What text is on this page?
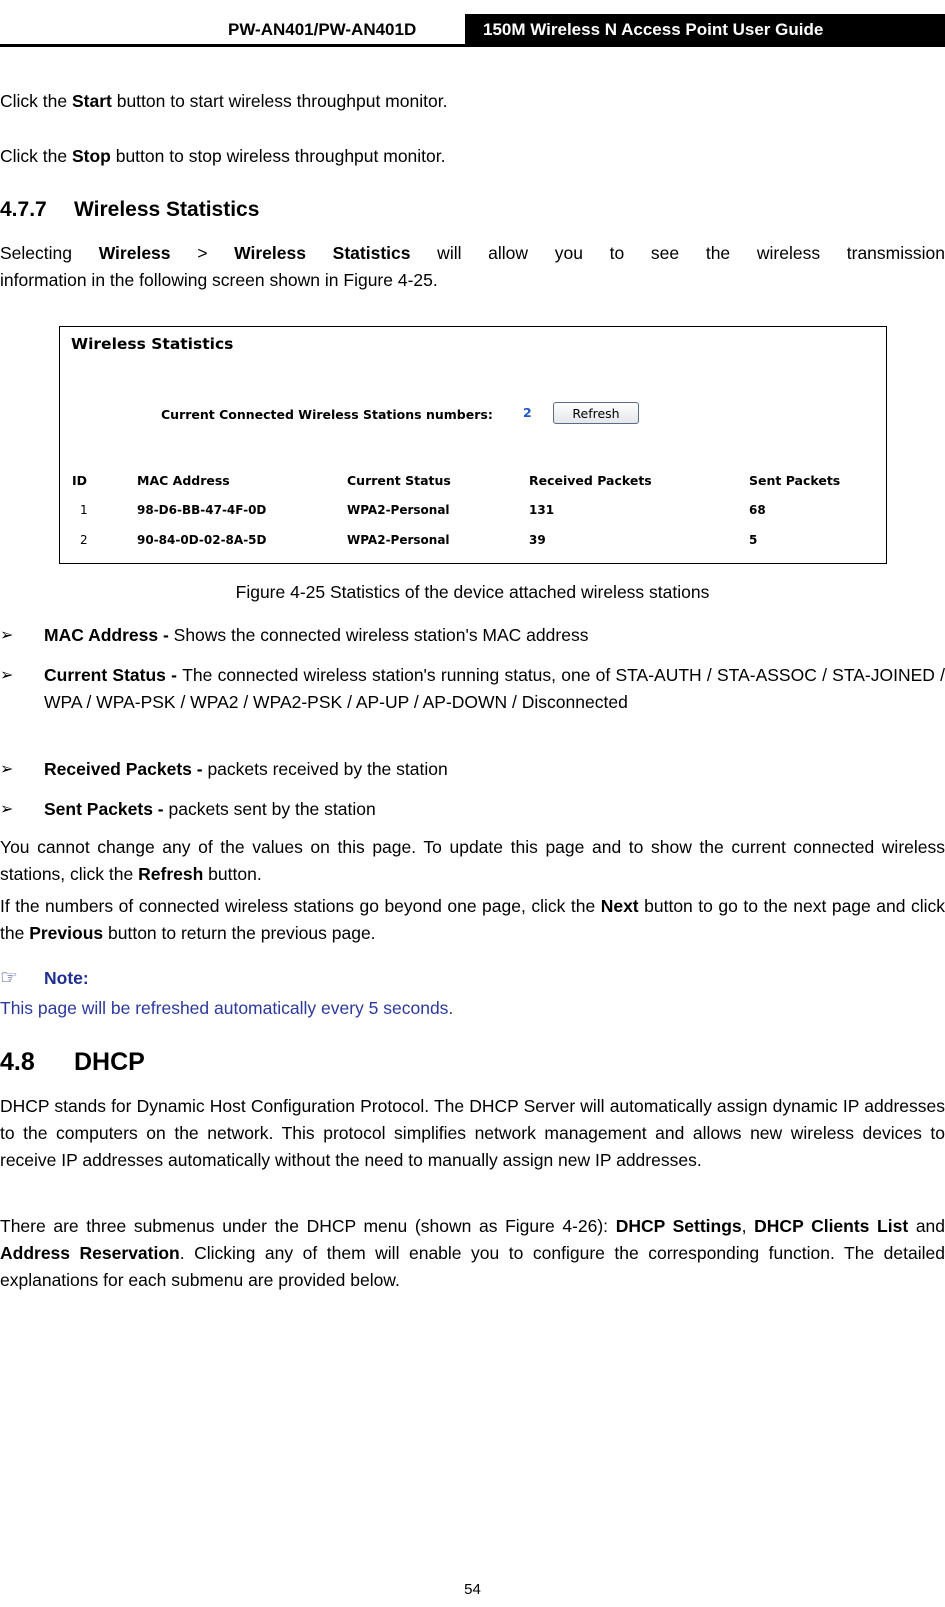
PW-AN401/PW-AN401D	150M Wireless N Access Point User Guide
Click the Start button to start wireless throughput monitor.
Click the Stop button to stop wireless throughput monitor.
4.7.7 Wireless Statistics
Selecting Wireless > Wireless Statistics will allow you to see the wireless transmission
information in the following screen shown in Figure 4-25.
Wireless Statistics
Current Connected Wireless Stations numbers: 2	Refresh
ID	MAC Address	Current Status	Received Packets	Sent Packets
1	98-D6-BB-47-4F-0D	WPA2-Personal	131	68
2	90-84-0D-02-8A-5D	WPA2-Personal	39	5
Figure 4-25 Statistics of the device attached wireless stations
➢ MAC Address - Shows the connected wireless station's MAC address
➢ Current Status - The connected wireless station's running status, one of STA-AUTH / STA-ASSOC / STA-JOINED / WPA / WPA-PSK / WPA2 / WPA2-PSK / AP-UP / AP-DOWN / Disconnected
➢ Received Packets - packets received by the station
➢ Sent Packets - packets sent by the station
You cannot change any of the values on this page. To update this page and to show the current connected wireless stations, click the Refresh button.
If the numbers of connected wireless stations go beyond one page, click the Next button to go to the next page and click the Previous button to return the previous page.
☞ Note:
This page will be refreshed automatically every 5 seconds.
4.8 DHCP
DHCP stands for Dynamic Host Configuration Protocol. The DHCP Server will automatically assign dynamic IP addresses to the computers on the network. This protocol simplifies network management and allows new wireless devices to receive IP addresses automatically without the need to manually assign new IP addresses.
There are three submenus under the DHCP menu (shown as Figure 4-26): DHCP Settings, DHCP Clients List and Address Reservation. Clicking any of them will enable you to configure the corresponding function. The detailed explanations for each submenu are provided below.
54
